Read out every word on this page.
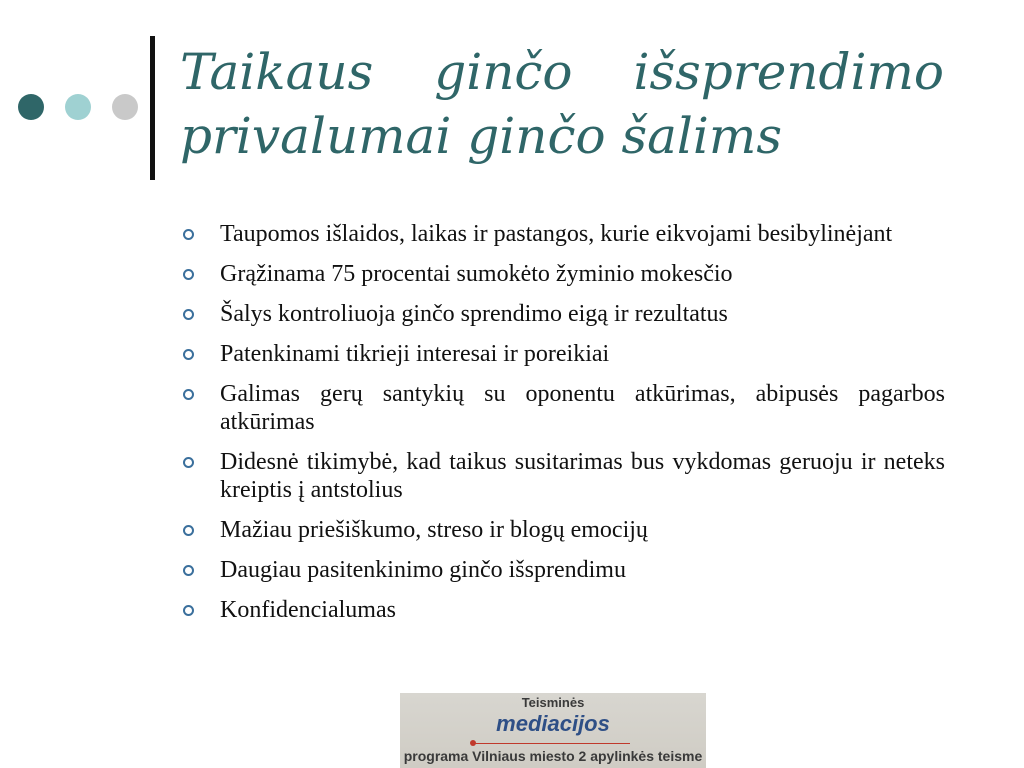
Taikaus ginčo išsprendimo
privalumai ginčo šalims
Taupomos išlaidos, laikas ir pastangos, kurie eikvojami besibylinėjant
Grąžinama 75 procentai sumokėto žyminio mokesčio
Šalys kontroliuoja ginčo sprendimo eigą ir rezultatus
Patenkinami tikrieji interesai ir poreikiai
Galimas gerų santykių su oponentu atkūrimas, abipusės pagarbos atkūrimas
Didesnė tikimybė, kad taikus susitarimas bus vykdomas geruoju ir neteks kreiptis į antstolius
Mažiau priešiškumo, streso ir blogų emocijų
Daugiau pasitenkinimo ginčo išsprendimu
Konfidencialumas
Teisminės
mediacijos
programa Vilniaus miesto 2 apylinkės teisme
